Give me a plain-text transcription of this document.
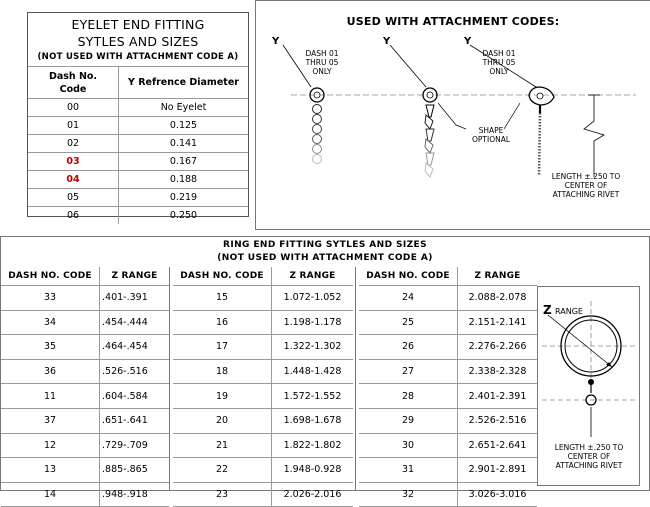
EYELET END FITTING SYTLES AND SIZES
(NOT USED WITH ATTACHMENT CODE A)
Dash No. Code	Y Refrence Diameter
00	No Eyelet
01	0.125
02	0.141
03	0.167
04	0.188
05	0.219
06	0.250
USED WITH ATTACHMENT CODES:
Y	Y	Y
DASH 01 THRU 05 ONLY
DASH 01 THRU 05 ONLY
SHAPE OPTIONAL
LENGTH ±.250 TO CENTER OF ATTACHING RIVET
RING END FITTING SYTLES AND SIZES
(NOT USED WITH ATTACHMENT CODE A)
DASH NO. CODE	Z RANGE
33	.401-.391
34	.454-.444
35	.464-.454
36	.526-.516
11	.604-.584
37	.651-.641
12	.729-.709
13	.885-.865
14	.948-.918
DASH NO. CODE	Z RANGE
15	1.072-1.052
16	1.198-1.178
17	1.322-1.302
18	1.448-1.428
19	1.572-1.552
20	1.698-1.678
21	1.822-1.802
22	1.948-0.928
23	2.026-2.016
DASH NO. CODE	Z RANGE
24	2.088-2.078
25	2.151-2.141
26	2.276-2.266
27	2.338-2.328
28	2.401-2.391
29	2.526-2.516
30	2.651-2.641
31	2.901-2.891
32	3.026-3.016
Z RANGE
LENGTH ±.250 TO CENTER OF ATTACHING RIVET
